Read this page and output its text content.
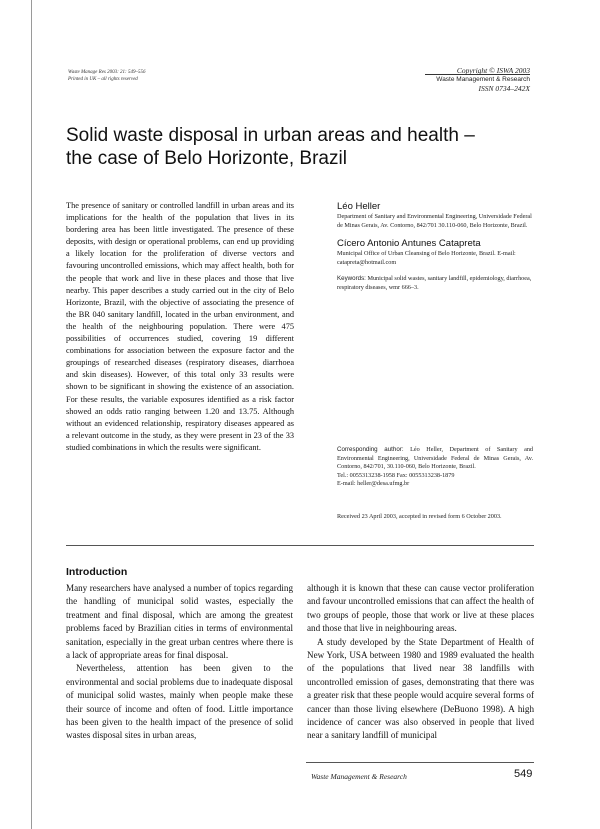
Waste Manage Res 2003: 21: 549–556
Printed in UK – all rights reserved
Copyright © ISWA 2003
Waste Management & Research
ISSN 0734–242X
Solid waste disposal in urban areas and health –
the case of Belo Horizonte, Brazil
The presence of sanitary or controlled landfill in urban areas and its implications for the health of the population that lives in its bordering area has been little investigated. The presence of these deposits, with design or operational problems, can end up providing a likely location for the proliferation of diverse vectors and favouring uncontrolled emissions, which may affect health, both for the people that work and live in these places and those that live nearby. This paper describes a study carried out in the city of Belo Horizonte, Brazil, with the objective of associating the presence of the BR 040 sanitary landfill, located in the urban environment, and the health of the neighbouring population. There were 475 possibilities of occurrences studied, covering 19 different combinations for association between the exposure factor and the groupings of researched diseases (respiratory diseases, diarrhoea and skin diseases). However, of this total only 33 results were shown to be significant in showing the existence of an association. For these results, the variable exposures identified as a risk factor showed an odds ratio ranging between 1.20 and 13.75. Although without an evidenced relationship, respiratory diseases appeared as a relevant outcome in the study, as they were present in 23 of the 33 studied combinations in which the results were significant.
Léo Heller
Department of Sanitary and Environmental Engineering, Universidade Federal de Minas Gerais, Av. Contorno, 842/701 30.110-060, Belo Horizonte, Brazil.
Cícero Antonio Antunes Catapreta
Municipal Office of Urban Cleansing of Belo Horizonte, Brazil. E-mail: catapreta@hotmail.com
Keywords: Municipal solid wastes, sanitary landfill, epidemiology, diarrhoea, respiratory diseases, wmr 666–3.
Corresponding author: Léo Heller, Department of Sanitary and Environmental Engineering, Universidade Federal de Minas Gerais, Av. Contorno, 842/701, 30.110-060, Belo Horizonte, Brazil.
Tel.: 0055313238-1958 Fax: 0055313238-1879
E-mail: heller@desa.ufmg.br
Received 23 April 2003, accepted in revised form 6 October 2003.
Introduction

Many researchers have analysed a number of topics regarding the handling of municipal solid wastes, especially the treatment and final disposal, which are among the greatest problems faced by Brazilian cities in terms of environmental sanitation, especially in the great urban centres where there is a lack of appropriate areas for final disposal.

Nevertheless, attention has been given to the environmental and social problems due to inadequate disposal of municipal solid wastes, mainly when people make these their source of income and often of food. Little importance has been given to the health impact of the presence of solid wastes disposal sites in urban areas,

although it is known that these can cause vector proliferation and favour uncontrolled emissions that can affect the health of two groups of people, those that work or live at these places and those that live in neighbouring areas.

A study developed by the State Department of Health of New York, USA between 1980 and 1989 evaluated the health of the populations that lived near 38 landfills with uncontrolled emission of gases, demonstrating that there was a greater risk that these people would acquire several forms of cancer than those living elsewhere (DeBuono 1998). A high incidence of cancer was also observed in people that lived near a sanitary landfill of municipal

Waste Management & Research	549
